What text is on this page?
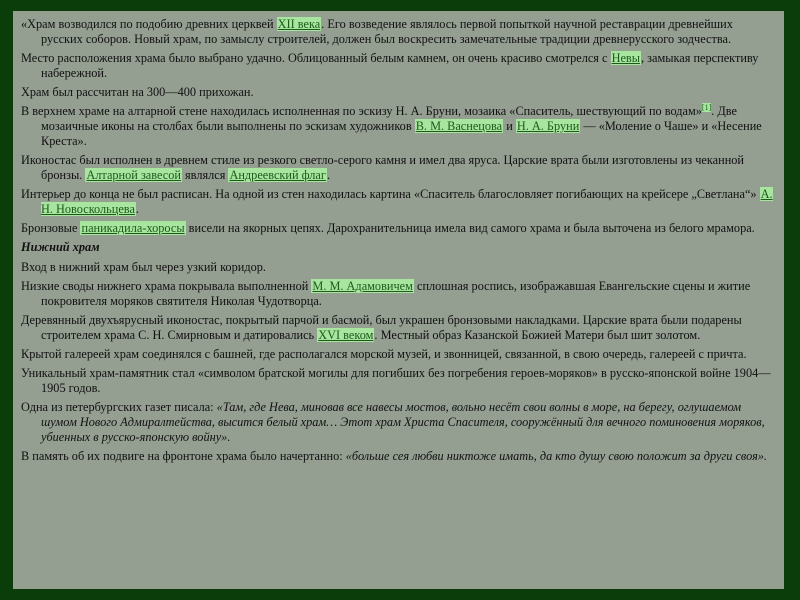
«Храм возводился по подобию древних церквей XII века. Его возведение являлось первой попыткой научной реставрации древнейших русских соборов. Новый храм, по замыслу строителей, должен был воскресить замечательные традиции древнерусского зодчества.

Место расположения храма было выбрано удачно. Облицованный белым камнем, он очень красиво смотрелся с Невы, замыкая перспективу набережной.

Храм был рассчитан на 300—400 прихожан.

В верхнем храме на алтарной стене находилась исполненная по эскизу Н. А. Бруни, мозаика «Спаситель, шествующий по водам»[1]. Две мозаичные иконы на столбах были выполнены по эскизам художников В. М. Васнецова и Н. А. Бруни — «Моление о Чаше» и «Несение Креста».

Иконостас был исполнен в древнем стиле из резкого светло-серого камня и имел два яруса. Царские врата были изготовлены из чеканной бронзы. Алтарной завесой являлся Андреевский флаг.

Интерьер до конца не был расписан. На одной из стен находилась картина «Спаситель благословляет погибающих на крейсере „Светлана“» А. Н. Новоскольцева.

Бронзовые паникадила-хоросы висели на якорных цепях. Дарохранительница имела вид самого храма и была выточена из белого мрамора.

Нижний храм

Вход в нижний храм был через узкий коридор.

Низкие своды нижнего храма покрывала выполненной М. М. Адамовичем сплошная роспись, изображавшая Евангельские сцены и житие покровителя моряков святителя Николая Чудотворца.

Деревянный двухъярусный иконостас, покрытый парчой и басмой, был украшен бронзовыми накладками. Царские врата были подарены строителем храма С. Н. Смирновым и датировались XVI веком. Местный образ Казанской Божией Матери был шит золотом.

Крытой галереей храм соединялся с башней, где располагался морской музей, и звонницей, связанной, в свою очередь, галереей с причта.

Уникальный храм-памятник стал «символом братской могилы для погибших без погребения героев-моряков» в русско-японской войне 1904—1905 годов.

Одна из петербургских газет писала: «Там, где Нева, миновав все навесы мостов, вольно несёт свои волны в море, на берегу, оглушаемом шумом Нового Адмиралтейства, высится белый храм… Этот храм Христа Спасителя, сооружённый для вечного поминовения моряков, убиенных в русско-японскую войну».

В память об их подвиге на фронтоне храма было начертанно: «больше сея любви никтоже имать, да кто душу свою положит за други своя».
